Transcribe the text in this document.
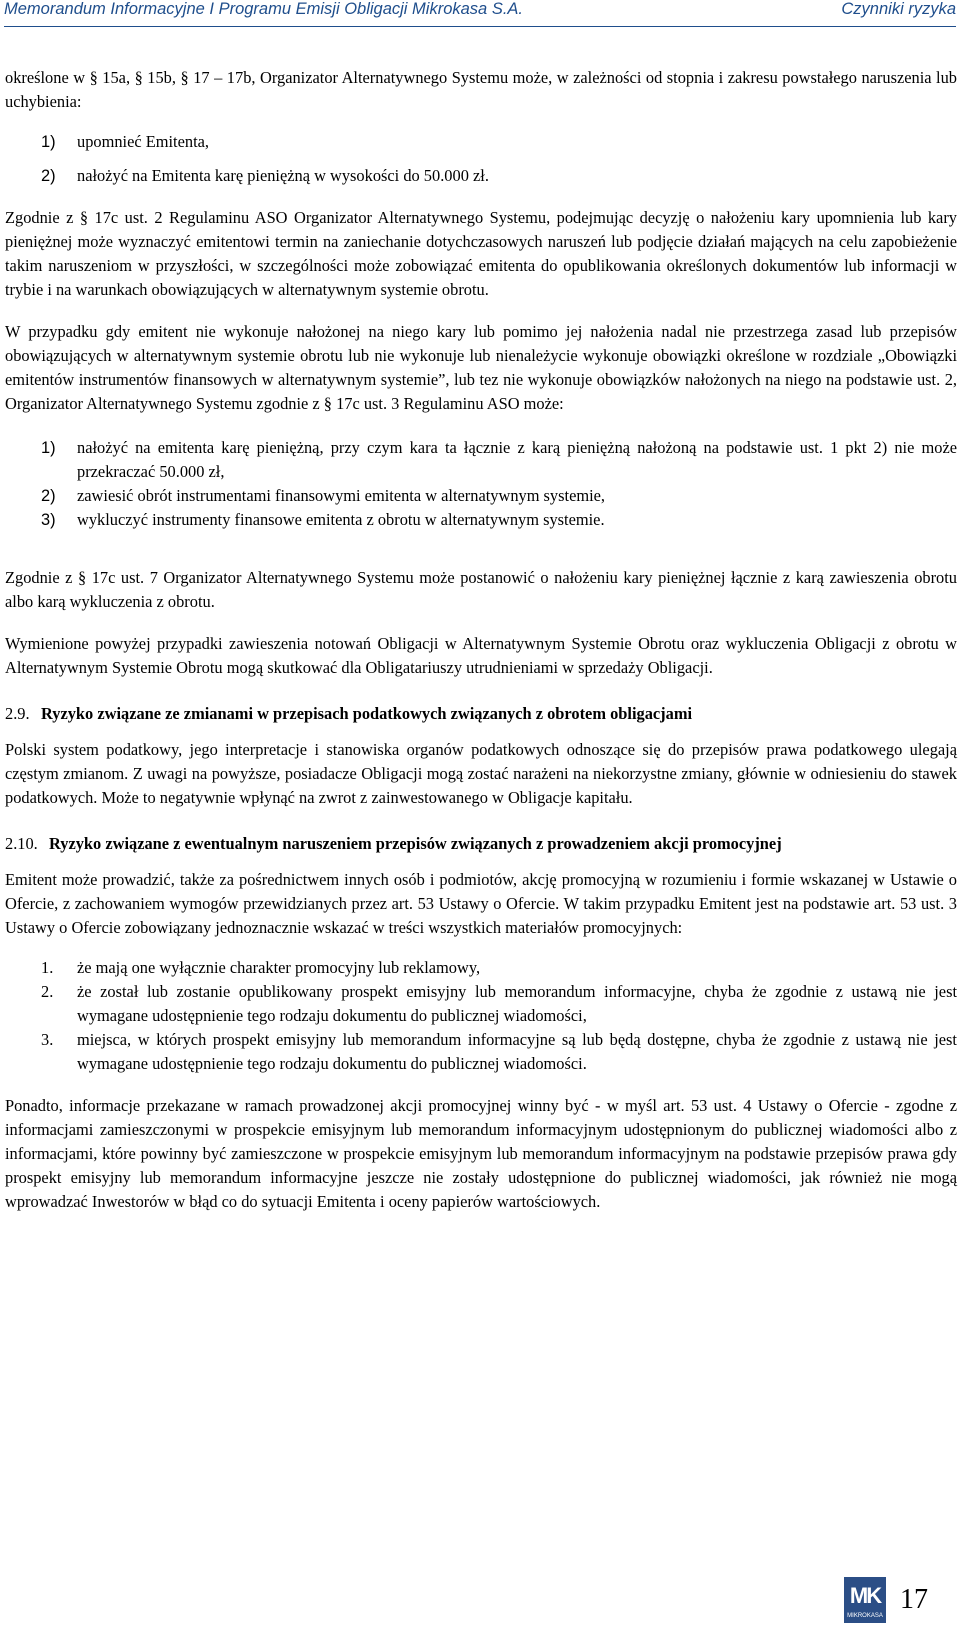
Memorandum Informacyjne I Programu Emisji Obligacji Mikrokasa S.A.	Czynniki ryzyka

określone w § 15a, § 15b, § 17 – 17b, Organizator Alternatywnego Systemu może, w zależności od stopnia i zakresu powstałego naruszenia lub uchybienia:

1)	upomnieć Emitenta,
2)	nałożyć na Emitenta karę pieniężną w wysokości do 50.000 zł.

Zgodnie z § 17c ust. 2 Regulaminu ASO Organizator Alternatywnego Systemu, podejmując decyzję o nałożeniu kary upomnienia lub kary pieniężnej może wyznaczyć emitentowi termin na zaniechanie dotychczasowych naruszeń lub podjęcie działań mających na celu zapobieżenie takim naruszeniom w przyszłości, w szczególności może zobowiązać emitenta do opublikowania określonych dokumentów lub informacji w trybie i na warunkach obowiązujących w alternatywnym systemie obrotu.

W przypadku gdy emitent nie wykonuje nałożonej na niego kary lub pomimo jej nałożenia nadal nie przestrzega zasad lub przepisów obowiązujących w alternatywnym systemie obrotu lub nie wykonuje lub nienależycie wykonuje obowiązki określone w rozdziale „Obowiązki emitentów instrumentów finansowych w alternatywnym systemie”, lub tez nie wykonuje obowiązków nałożonych na niego na podstawie ust. 2, Organizator Alternatywnego Systemu zgodnie z § 17c ust. 3 Regulaminu ASO może:

1)	nałożyć na emitenta karę pieniężną, przy czym kara ta łącznie z karą pieniężną nałożoną na podstawie ust. 1 pkt 2) nie może przekraczać 50.000 zł,
2)	zawiesić obrót instrumentami finansowymi emitenta w alternatywnym systemie,
3)	wykluczyć instrumenty finansowe emitenta z obrotu w alternatywnym systemie.

Zgodnie z § 17c ust. 7 Organizator Alternatywnego Systemu może postanowić o nałożeniu kary pieniężnej łącznie z karą zawieszenia obrotu albo karą wykluczenia z obrotu.

Wymienione powyżej przypadki zawieszenia notowań Obligacji w Alternatywnym Systemie Obrotu oraz wykluczenia Obligacji z obrotu w Alternatywnym Systemie Obrotu mogą skutkować dla Obligatariuszy utrudnieniami w sprzedaży Obligacji.

2.9. Ryzyko związane ze zmianami w przepisach podatkowych związanych z obrotem obligacjami

Polski system podatkowy, jego interpretacje i stanowiska organów podatkowych odnoszące się do przepisów prawa podatkowego ulegają częstym zmianom. Z uwagi na powyższe, posiadacze Obligacji mogą zostać narażeni na niekorzystne zmiany, głównie w odniesieniu do stawek podatkowych. Może to negatywnie wpłynąć na zwrot z zainwestowanego w Obligacje kapitału.

2.10. Ryzyko związane z ewentualnym naruszeniem przepisów związanych z prowadzeniem akcji promocyjnej

Emitent może prowadzić, także za pośrednictwem innych osób i podmiotów, akcję promocyjną w rozumieniu i formie wskazanej w Ustawie o Ofercie, z zachowaniem wymogów przewidzianych przez art. 53 Ustawy o Ofercie. W takim przypadku Emitent jest na podstawie art. 53 ust. 3 Ustawy o Ofercie zobowiązany jednoznacznie wskazać w treści wszystkich materiałów promocyjnych:

1.	że mają one wyłącznie charakter promocyjny lub reklamowy,
2.	że został lub zostanie opublikowany prospekt emisyjny lub memorandum informacyjne, chyba że zgodnie z ustawą nie jest wymagane udostępnienie tego rodzaju dokumentu do publicznej wiadomości,
3.	miejsca, w których prospekt emisyjny lub memorandum informacyjne są lub będą dostępne, chyba że zgodnie z ustawą nie jest wymagane udostępnienie tego rodzaju dokumentu do publicznej wiadomości.

Ponadto, informacje przekazane w ramach prowadzonej akcji promocyjnej winny być - w myśl art. 53 ust. 4 Ustawy o Ofercie - zgodne z informacjami zamieszczonymi w prospekcie emisyjnym lub memorandum informacyjnym udostępnionym do publicznej wiadomości albo z informacjami, które powinny być zamieszczone w prospekcie emisyjnym lub memorandum informacyjnym na podstawie przepisów prawa gdy prospekt emisyjny lub memorandum informacyjne jeszcze nie zostały udostępnione do publicznej wiadomości, jak również nie mogą wprowadzać Inwestorów w błąd co do sytuacji Emitenta i oceny papierów wartościowych.

MK
MIKROKASA
17
